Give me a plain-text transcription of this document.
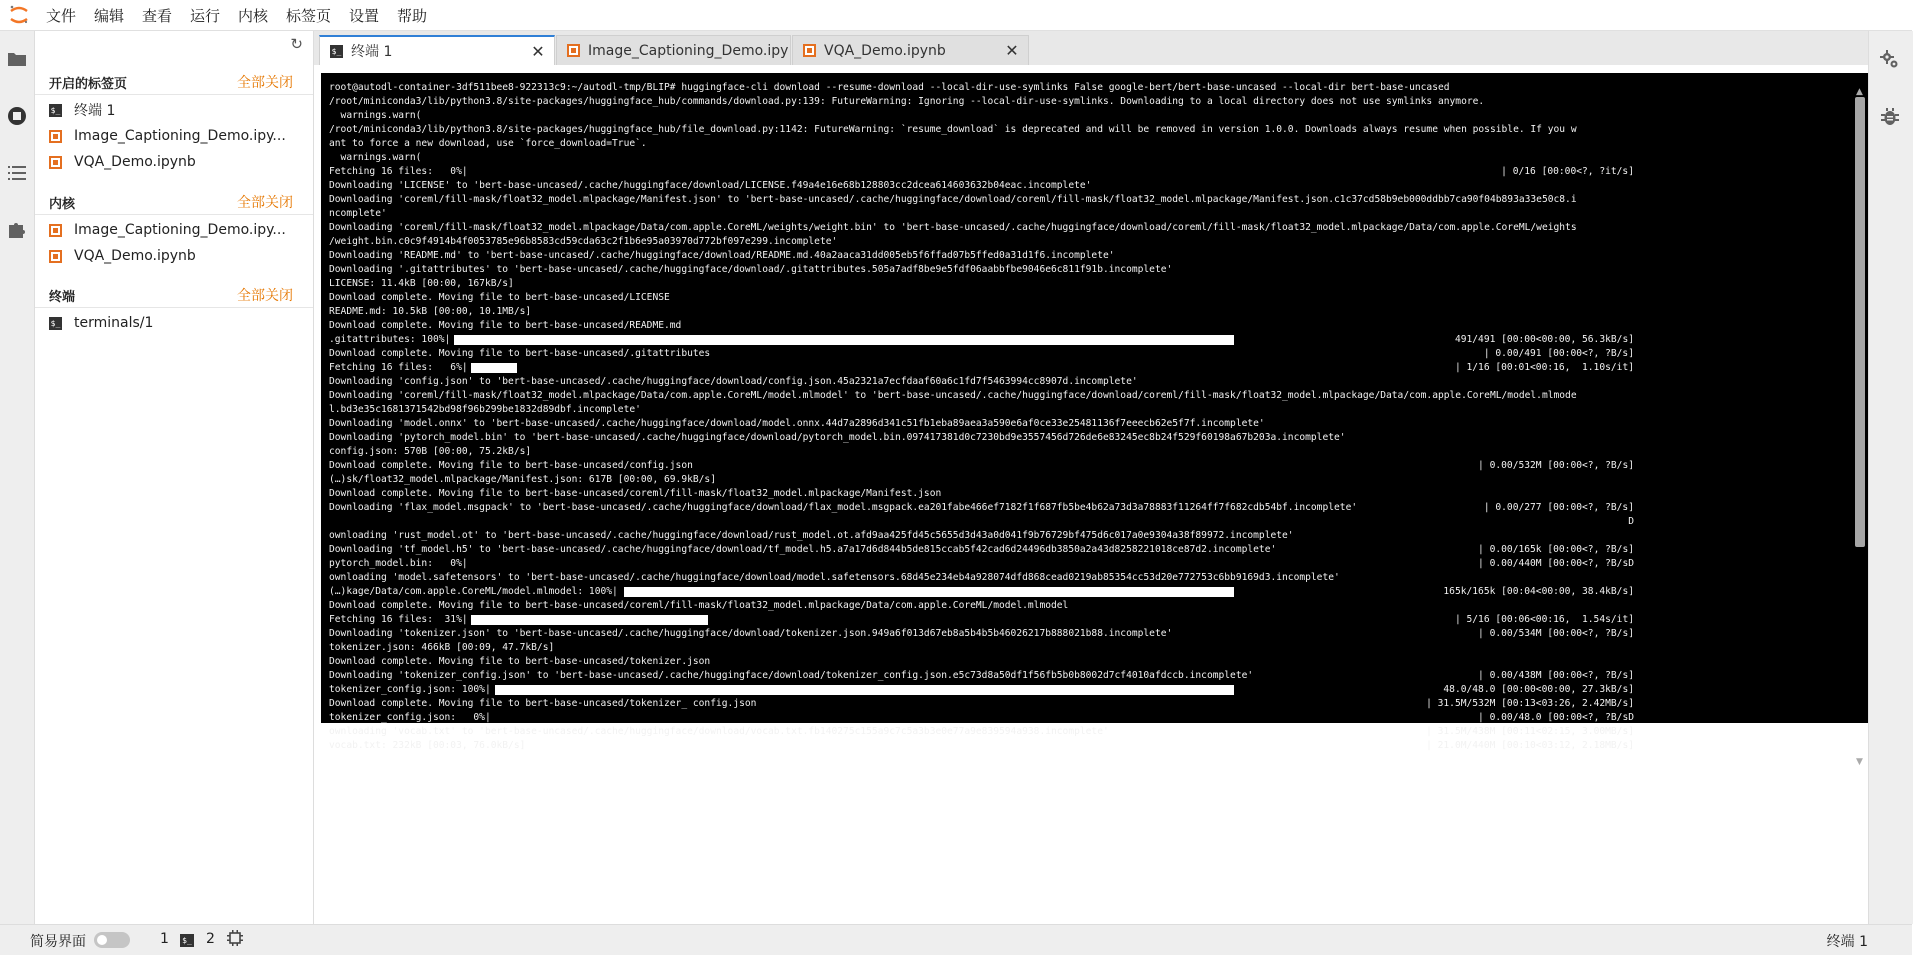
文件 编辑 查看 运行 内核 标签页 设置 帮助
↻
开启的标签页	全部关闭
$_ 终端 1
Image_Captioning_Demo.ipy...
VQA_Demo.ipynb
内核	全部关闭
Image_Captioning_Demo.ipy...
VQA_Demo.ipynb
终端	全部关闭
$_ terminals/1
$_ 终端 1	✕	Image_Captioning_Demo.ipy	VQA_Demo.ipynb	✕
root@autodl-container-3df511bee8-922313c9:~/autodl-tmp/BLIP# huggingface-cli download --resume-download --local-dir-use-symlinks False google-bert/bert-base-uncased --local-dir bert-base-uncased
/root/miniconda3/lib/python3.8/site-packages/huggingface_hub/commands/download.py:139: FutureWarning: Ignoring --local-dir-use-symlinks. Downloading to a local directory does not use symlinks anymore.
warnings.warn(
/root/miniconda3/lib/python3.8/site-packages/huggingface_hub/file_download.py:1142: FutureWarning: `resume_download` is deprecated and will be removed in version 1.0.0. Downloads always resume when possible. If you w
ant to force a new download, use `force_download=True`.
warnings.warn(
Fetching 16 files:   0%|	| 0/16 [00:00<?, ?it/s]
Downloading 'LICENSE' to 'bert-base-uncased/.cache/huggingface/download/LICENSE.f49a4e16e68b128803cc2dcea614603632b04eac.incomplete'
Downloading 'coreml/fill-mask/float32_model.mlpackage/Manifest.json' to 'bert-base-uncased/.cache/huggingface/download/coreml/fill-mask/float32_model.mlpackage/Manifest.json.c1c37cd58b9eb000ddbb7ca90f04b893a33e50c8.i
ncomplete'
Downloading 'coreml/fill-mask/float32_model.mlpackage/Data/com.apple.CoreML/weights/weight.bin' to 'bert-base-uncased/.cache/huggingface/download/coreml/fill-mask/float32_model.mlpackage/Data/com.apple.CoreML/weights
/weight.bin.c0c9f4914b4f0053785e96b8583cd59cda63c2f1b6e95a03970d772bf097e299.incomplete'
Downloading 'README.md' to 'bert-base-uncased/.cache/huggingface/download/README.md.40a2aaca31dd005eb5f6ffad07b5ffed0a31d1f6.incomplete'
Downloading '.gitattributes' to 'bert-base-uncased/.cache/huggingface/download/.gitattributes.505a7adf8be9e5fdf06aabbfbe9046e6c811f91b.incomplete'
LICENSE: 11.4kB [00:00, 167kB/s]
Download complete. Moving file to bert-base-uncased/LICENSE
README.md: 10.5kB [00:00, 10.1MB/s]
Download complete. Moving file to bert-base-uncased/README.md
.gitattributes: 100%|	491/491 [00:00<00:00, 56.3kB/s]
Download complete. Moving file to bert-base-uncased/.gitattributes	| 0.00/491 [00:00<?, ?B/s]
Fetching 16 files:   6%|	| 1/16 [00:01<00:16,  1.10s/it]
Downloading 'config.json' to 'bert-base-uncased/.cache/huggingface/download/config.json.45a2321a7ecfdaaf60a6c1fd7f5463994cc8907d.incomplete'
Downloading 'coreml/fill-mask/float32_model.mlpackage/Data/com.apple.CoreML/model.mlmodel' to 'bert-base-uncased/.cache/huggingface/download/coreml/fill-mask/float32_model.mlpackage/Data/com.apple.CoreML/model.mlmode
l.bd3e35c1681371542bd98f96b299be1832d89dbf.incomplete'
Downloading 'model.onnx' to 'bert-base-uncased/.cache/huggingface/download/model.onnx.44d7a2896d341c51fb1eba89aea3a590e6af0ce33e25481136f7eeecb62e5f7f.incomplete'
Downloading 'pytorch_model.bin' to 'bert-base-uncased/.cache/huggingface/download/pytorch_model.bin.097417381d0c7230bd9e3557456d726de6e83245ec8b24f529f60198a67b203a.incomplete'
config.json: 570B [00:00, 75.2kB/s]
Download complete. Moving file to bert-base-uncased/config.json	| 0.00/532M [00:00<?, ?B/s]
(…)sk/float32_model.mlpackage/Manifest.json: 617B [00:00, 69.9kB/s]
Download complete. Moving file to bert-base-uncased/coreml/fill-mask/float32_model.mlpackage/Manifest.json
Downloading 'flax_model.msgpack' to 'bert-base-uncased/.cache/huggingface/download/flax_model.msgpack.ea201fabe466ef7182f1f687fb5be4b62a73d3a78883f11264ff7f682cdb54bf.incomplete'	| 0.00/277 [00:00<?, ?B/s]
D
ownloading 'rust_model.ot' to 'bert-base-uncased/.cache/huggingface/download/rust_model.ot.afd9aa425fd45c5655d3d43a0d041f9b76729bf475d6c017a0e9304a38f89972.incomplete'
Downloading 'tf_model.h5' to 'bert-base-uncased/.cache/huggingface/download/tf_model.h5.a7a17d6d844b5de815ccab5f42cad6d24496db3850a2a43d8258221018ce87d2.incomplete'	| 0.00/165k [00:00<?, ?B/s]
pytorch_model.bin:   0%|	| 0.00/440M [00:00<?, ?B/sD
ownloading 'model.safetensors' to 'bert-base-uncased/.cache/huggingface/download/model.safetensors.68d45e234eb4a928074dfd868cead0219ab85354cc53d20e772753c6bb9169d3.incomplete'
(…)kage/Data/com.apple.CoreML/model.mlmodel: 100%|	165k/165k [00:04<00:00, 38.4kB/s]
Download complete. Moving file to bert-base-uncased/coreml/fill-mask/float32_model.mlpackage/Data/com.apple.CoreML/model.mlmodel
Fetching 16 files:  31%|	| 5/16 [00:06<00:16,  1.54s/it]
Downloading 'tokenizer.json' to 'bert-base-uncased/.cache/huggingface/download/tokenizer.json.949a6f013d67eb8a5b4b5b46026217b888021b88.incomplete'	| 0.00/534M [00:00<?, ?B/s]
tokenizer.json: 466kB [00:09, 47.7kB/s]
Download complete. Moving file to bert-base-uncased/tokenizer.json
Downloading 'tokenizer_config.json' to 'bert-base-uncased/.cache/huggingface/download/tokenizer_config.json.e5c73d8a50df1f56fb5b0b8002d7cf4010afdccb.incomplete'	| 0.00/438M [00:00<?, ?B/s]
tokenizer_config.json: 100%|	48.0/48.0 [00:00<00:00, 27.3kB/s]
Download complete. Moving file to bert-base-uncased/tokenizer_ config.json	| 31.5M/532M [00:13<03:26, 2.42MB/s]
tokenizer_config.json:   0%|	| 0.00/48.0 [00:00<?, ?B/sD
ownloading 'vocab.txt' to 'bert-base-uncased/.cache/huggingface/download/vocab.txt.fb140275c155a9c7c5a3b3e0e77a9e839594a938.incomplete'	| 31.5M/438M [00:11<02:15, 3.00MB/s]
vocab.txt: 232kB [00:03, 76.0kB/s]	| 21.0M/440M [00:10<03:12, 2.18MB/s]
▲
▼
简易界面	1 $_ 2	终端 1
